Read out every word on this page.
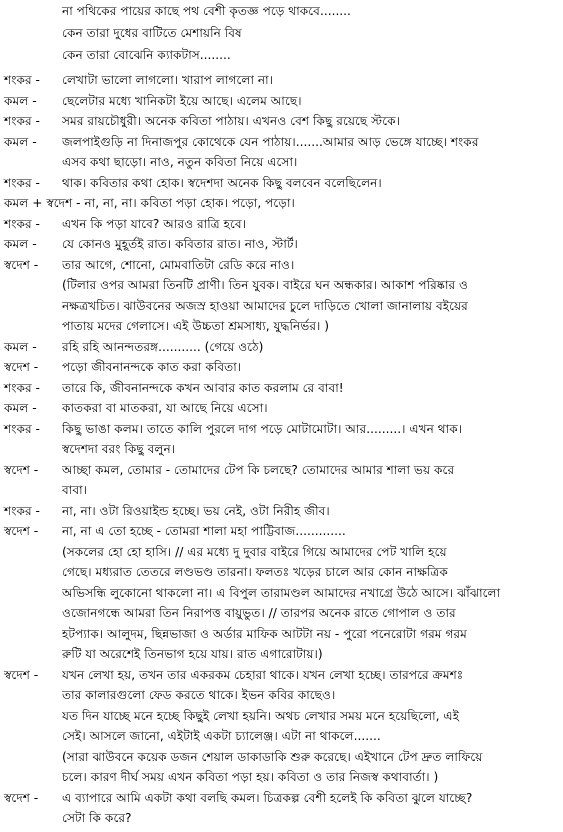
না পথিকের পায়ের কাছে পথ বেশী কৃতজ্ঞ পড়ে থাকবে........
কেন তারা দুধের বাটিতে মেশায়নি বিষ
কেন তারা বোঝেনি ক্যাকটাস........
শংকর -	লেখাটা ভালো লাগলো। খারাপ লাগলো না।
কমল -	ছেলেটার মধ্যে খানিকটা ইয়ে আছে। এলেম আছে।
শংকর -	সমর রায়চৌধুরী। অনেক কবিতা পাঠায়। এখনও বেশ কিছু রয়েছে স্টকে।
কমল -	জলপাইগুড়ি না দিনাজপুর কোথেকে যেন পাঠায়।.......আমার আড় ভেঙ্গে যাচ্ছে। শংকর
এসব কথা ছাড়ো। নাও, নতুন কবিতা নিয়ে এসো।
শংকর -	থাক। কবিতার কথা হোক। স্বদেশদা অনেক কিছু বলবেন বলেছিলেন।
কমল + স্বদেশ - না, না, না। কবিতা পড়া হোক। পড়ো, পড়ো।
শংকর -	এখন কি পড়া যাবে? আরও রাত্রি হবে।
কমল -	যে কোনও মুহূর্তই রাত। কবিতার রাত। নাও, স্টার্ট।
স্বদেশ -	তার আগে, শোনো, মোমবাতিটা রেডি করে নাও।
(টিলার ওপর আমরা তিনটি প্রাণী। তিন যুবক। বাইরে ঘন অন্ধকার। আকাশ পরিষ্কার ও
নক্ষত্রখচিত। ঝাউবনের অজস্র হাওয়া আমাদের চুলে দাড়িতে খোলা জানালায় বইয়ের
পাতায় মদের গেলাসে। এই উচ্চতা শ্রমসাধ্য, যুদ্ধনির্ভর। )
কমল -	রহি রহি আনন্দতরঙ্গ........... (গেয়ে ওঠে)
স্বদেশ -	পড়ো জীবনানন্দকে কাত করা কবিতা।
শংকর -	তারে কি, জীবনানন্দকে কখন আবার কাত করলাম রে বাবা!
কমল -	কাতকরা বা মাতকরা, যা আছে নিয়ে এসো।
শংকর -	কিছু ভাঙা কলম। তাতে কালি পুরলে দাগ পড়ে মোটামোটা। আর.........। এখন থাক।
স্বদেশদা বরং কিছু বলুন।
স্বদেশ -	আচ্ছা কমল, তোমার - তোমাদের টেপ কি চলছে? তোমাদের আমার শালা ভয় করে
বাবা।
শংকর -	না, না। ওটা রিওয়াইন্ড হচ্ছে। ভয় নেই, ওটা নিরীহ জীব।
স্বদেশ -	না, না এ তো হচ্ছে - তোমরা শালা মহা পাট্টিবাজ.............
(সকলের হো হো হাসি। // এর মধ্যে দু দুবার বাইরে গিয়ে আমাদের পেট খালি হয়ে
গেছে। মধ্যরাত তেতরে লণ্ডভণ্ড তারনা। ফলতঃ খড়ের চালে আর কোন নাক্ষত্রিক
অভিসন্ধি লুকোনো থাকলো না। এ বিপুল তারামণ্ডল আমাদের নখাগ্রে উঠে আসে। ঝাঁঝালো
ওজোনগন্ধে আমরা তিন নিরাপত্ত বায়ুভুত। // তারপর অনেক রাতে গোপাল ও তার
হটপ্যাক। আলুদম, ছিন্নভাজা ও অর্ডার মাফিক আটটা নয় - পুরো পনেরোটা গরম গরম
রুটি যা অরেশেই তিনভাগ হয়ে যায়। রাত এগারোটায়।)
স্বদেশ -	যখন লেখা হয়, তখন তার একরকম চেহারা থাকে। যখন লেখা হচ্ছে। তারপরে ক্রমশঃ
তার কালারগুলো ফেড করতে থাকে। ইভন কবির কাছেও।
যত দিন যাচ্ছে মনে হচ্ছে কিছুই লেখা হয়নি। অথচ লেখার সময় মনে হয়েছিলো, এই
সেই। আসলে জানো, এইটাই একটা চ্যালেঞ্জ। এটা না থাকলে.......
(সারা ঝাউবনে কয়েক ডজন শেয়াল ডাকাডাকি শুরু করেছে। এইখানে টেপ দ্রুত লাফিয়ে
চলে। কারণ দীর্ঘ সময় এখন কবিতা পড়া হয়। কবিতা ও তার নিজস্ব কথাবার্তা। )
স্বদেশ -	এ ব্যাপারে আমি একটা কথা বলছি কমল। চিত্রকল্প বেশী হলেই কি কবিতা ঝুলে যাচ্ছে?
সেটা কি করে?
